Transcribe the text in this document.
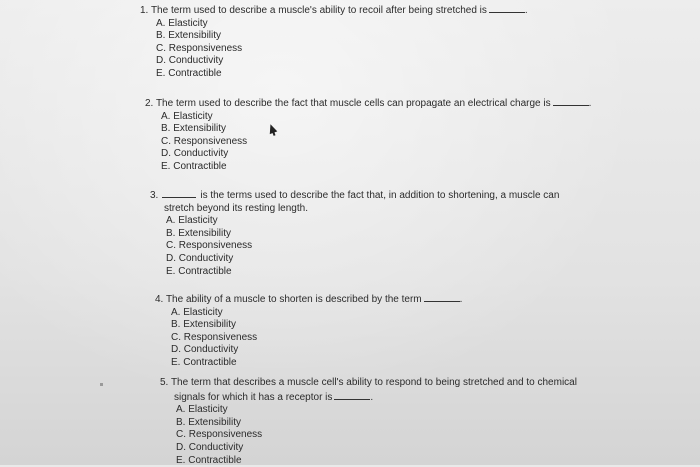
1. The term used to describe a muscle's ability to recoil after being stretched is	.
A. Elasticity
B. Extensibility
C. Responsiveness
D. Conductivity
E. Contractible
2. The term used to describe the fact that muscle cells can propagate an electrical charge is	.
A. Elasticity
B. Extensibility
C. Responsiveness
D. Conductivity
E. Contractible
3.	is the terms used to describe the fact that, in addition to shortening, a muscle can
stretch beyond its resting length.
A. Elasticity
B. Extensibility
C. Responsiveness
D. Conductivity
E. Contractible
4. The ability of a muscle to shorten is described by the term	.
A. Elasticity
B. Extensibility
C. Responsiveness
D. Conductivity
E. Contractible
5. The term that describes a muscle cell's ability to respond to being stretched and to chemical
signals for which it has a receptor is	.
A. Elasticity
B. Extensibility
C. Responsiveness
D. Conductivity
E. Contractible
